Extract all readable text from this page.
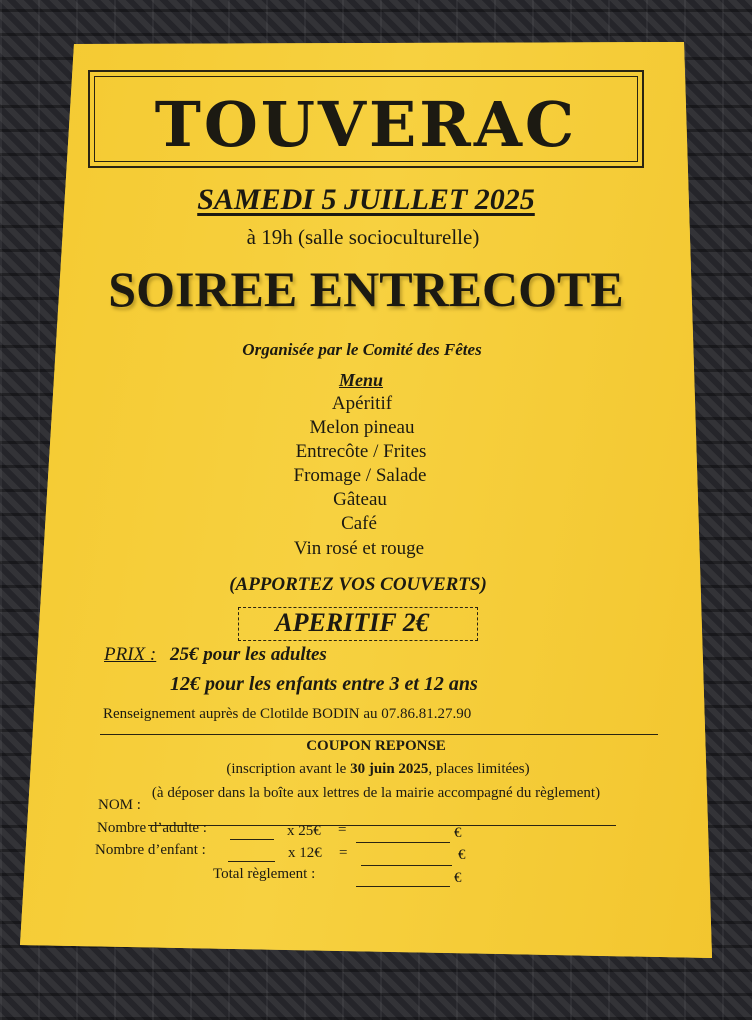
TOUVERAC
SAMEDI 5 JUILLET 2025
à 19h (salle socioculturelle)
SOIREE ENTRECOTE
Organisée par le Comité des Fêtes
Menu
Apéritif
Melon pineau
Entrecôte / Frites
Fromage / Salade
Gâteau
Café
Vin rosé et rouge
(APPORTEZ VOS COUVERTS)
APERITIF 2€
PRIX : 25€ pour les adultes
12€ pour les enfants entre 3 et 12 ans
Renseignement auprès de Clotilde BODIN au 07.86.81.27.90
COUPON REPONSE
(inscription avant le 30 juin 2025, places limitées)
(à déposer dans la boîte aux lettres de la mairie accompagné du règlement)
NOM :
Nombre d’adulte :	x 25€ =	€
Nombre d’enfant :	x 12€ =	€
Total règlement :	€
